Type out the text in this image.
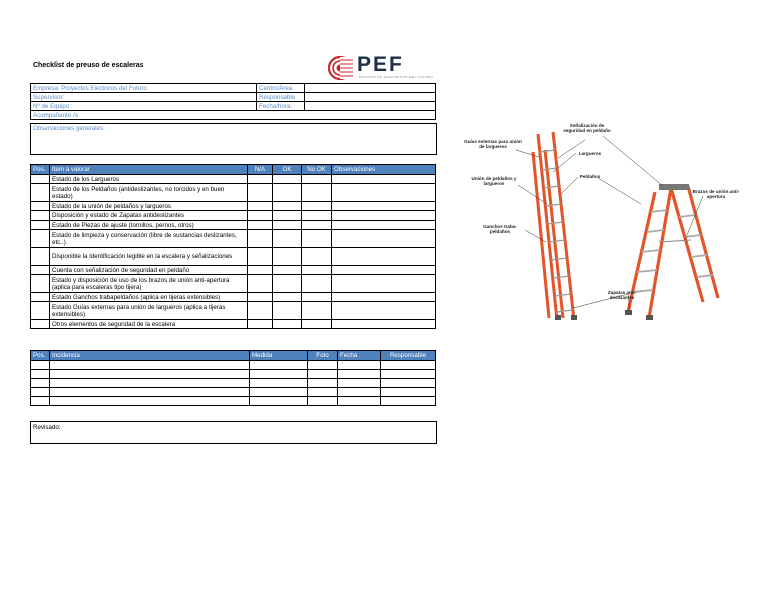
Checklist de preuso de escaleras	PEF
PROYECTOS ELECTRICOS DEL FUTURO
Empresa: Proyectos Electricos del Futuro	Centro/Área	
Supervisor:	Responsable	
Nº de Equipo :	Fecha/hora:	
Acompañante /s		
Observaciones generales:
Pos.	Item a valorar	N/A	OK	No OK	Observaciones
	Estado de los Largueros				
	Estado de los Peldaños (antideslizantes, no torcidos y en buen estado)				
	Estado de la unión de peldaños y largueros				
	Disposición y estado de Zapatas antideslizantes				
	Estado de Piezas de ajuste (tornillos, pernos, otros)				
	Estado de limpieza y conservación (libre de sustancias deslizantes, etc..)				
	Disponible la Identificación legible en la escalera y señalizaciones				
	Cuenta con señalización de seguridad en peldaño				
	Estado y disposición de uso de los brazos de unión anti-apertura (aplica para escaleras tipo tijera)				
	Estado Ganchos trabapeldaños (aplica en tijeras extensibles)				
	Estado Guías externas para unión de largueros (aplica a tijeras extensibles)				
	Otros elementos de seguridad de la escalera				
Pos.	Incidencia	Medida	Foto	Fecha	Responsable

Revisado:
Guías externas para unión de largueros
Señalización de seguridad en peldaño
Largueros
Unión de peldaños y largueros
Peldaños
Brazos de unión anti-apertura
Ganchos traba-peldaños
Zapatas anti-deslizantes
